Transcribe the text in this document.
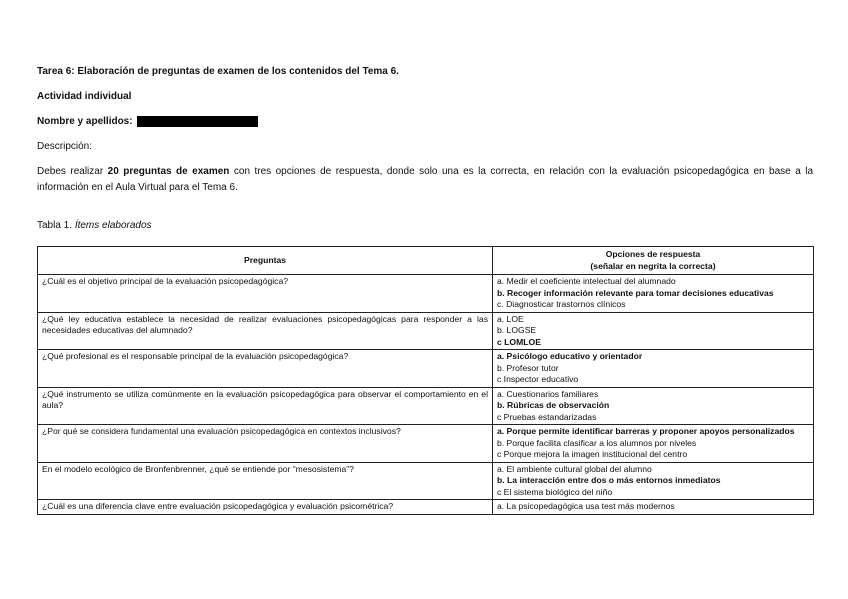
Tarea 6: Elaboración de preguntas de examen de los contenidos del Tema 6.
Actividad individual
Nombre y apellidos:
Descripción:
Debes realizar 20 preguntas de examen con tres opciones de respuesta, donde solo una es la correcta, en relación con la evaluación psicopedagógica en base a la información en el Aula Virtual para el Tema 6.
Tabla 1. Ítems elaborados
Preguntas	Opciones de respuesta
(señalar en negrita la correcta)

¿Cuál es el objetivo principal de la evaluación psicopedagógica?	a. Medir el coeficiente intelectual del alumnado
b. Recoger información relevante para tomar decisiones educativas
c. Diagnosticar trastornos clínicos

¿Qué ley educativa establece la necesidad de realizar evaluaciones psicopedagógicas para responder a las necesidades educativas del alumnado?	a. LOE
b. LOGSE
c LOMLOE

¿Qué profesional es el responsable principal de la evaluación psicopedagógica?	a. Psicólogo educativo y orientador
b. Profesor tutor
c Inspector educativo

¿Qué instrumento se utiliza comúnmente en la evaluación psicopedagógica para observar el comportamiento en el aula?	a. Cuestionarios familiares
b. Rúbricas de observación
c Pruebas estandarizadas

¿Por qué se considera fundamental una evaluación psicopedagógica en contextos inclusivos?	a. Porque permite identificar barreras y proponer apoyos personalizados
b. Porque facilita clasificar a los alumnos por niveles
c Porque mejora la imagen institucional del centro

En el modelo ecológico de Bronfenbrenner, ¿qué se entiende por “mesosistema”?	a. El ambiente cultural global del alumno
b. La interacción entre dos o más entornos inmediatos
c El sistema biológico del niño

¿Cuál es una diferencia clave entre evaluación psicopedagógica y evaluación psicométrica?	a. La psicopedagógica usa test más modernos
